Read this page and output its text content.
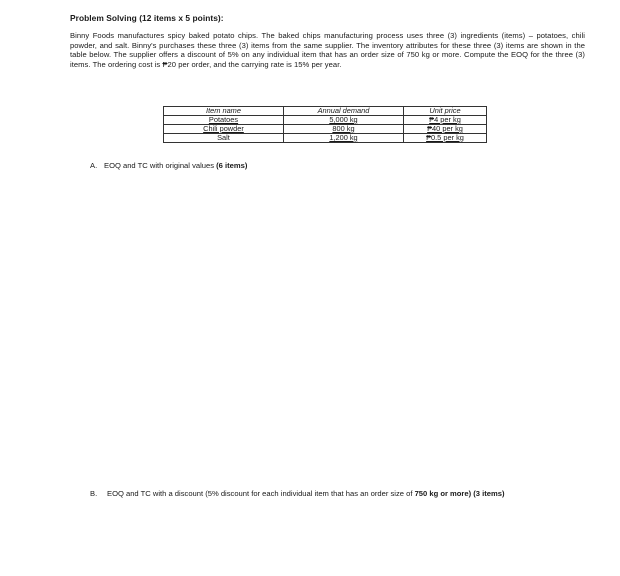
Problem Solving (12 items x 5 points):
Binny Foods manufactures spicy baked potato chips. The baked chips manufacturing process uses three (3) ingredients (items) – potatoes, chili powder, and salt. Binny's purchases these three (3) items from the same supplier. The inventory attributes for these three (3) items are shown in the table below. The supplier offers a discount of 5% on any individual item that has an order size of 750 kg or more. Compute the EOQ for the three (3) items. The ordering cost is ₱20 per order, and the carrying rate is 15% per year.
Item name	Annual demand	Unit price
Potatoes	5,000 kg	₱4 per kg
Chili powder	800 kg	₱40 per kg
Salt	1,200 kg	₱0.5 per kg
A. EOQ and TC with original values (6 items)
B.	EOQ and TC with a discount (5% discount for each individual item that has an order size of 750 kg or more) (3 items)
